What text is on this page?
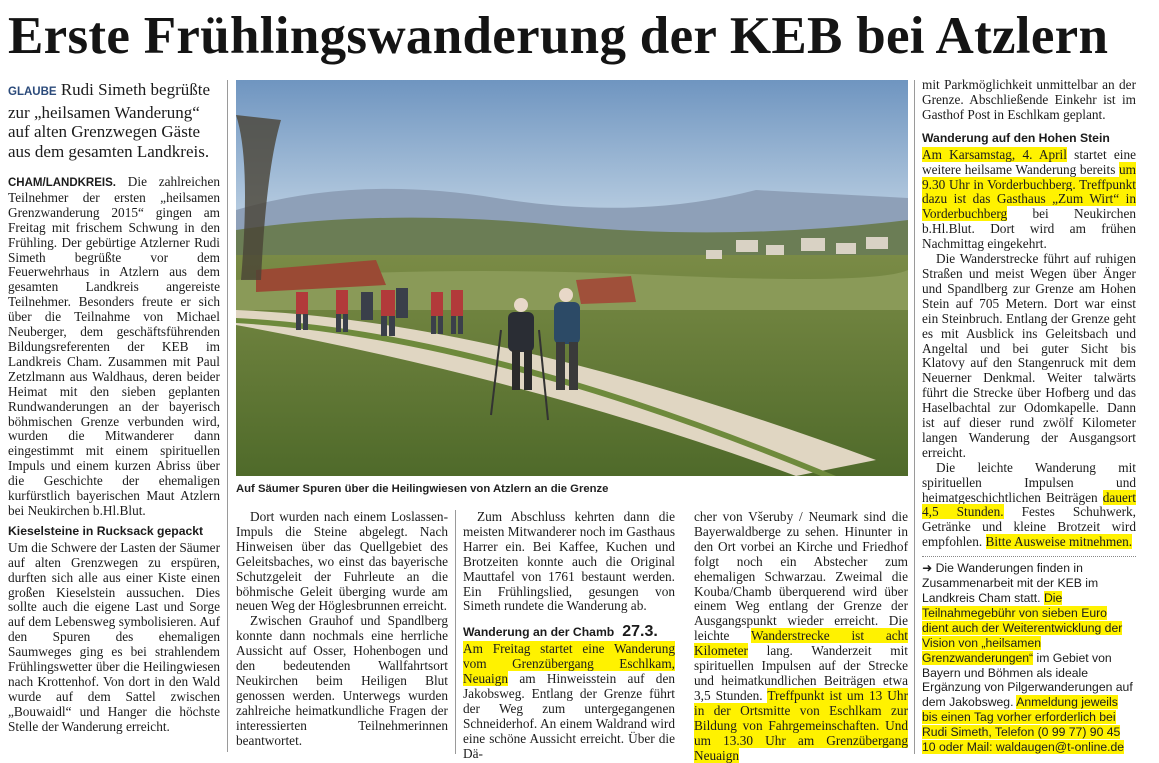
Erste Frühlingswanderung der KEB bei Atzlern

GLAUBE Rudi Simeth begrüßte zur „heilsamen Wanderung“ auf alten Grenzwegen Gäste aus dem gesamten Landkreis.

CHAM/LANDKREIS. Die zahlreichen Teilnehmer der ersten „heilsamen Grenzwanderung 2015“ gingen am Freitag mit frischem Schwung in den Frühling. Der gebürtige Atzlerner Rudi Simeth begrüßte vor dem Feuerwehrhaus in Atzlern aus dem gesamten Landkreis angereiste Teilnehmer. Besonders freute er sich über die Teilnahme von Michael Neuberger, dem geschäftsführenden Bildungsreferenten der KEB im Landkreis Cham. Zusammen mit Paul Zetzlmann aus Waldhaus, deren beider Heimat mit den sieben geplanten Rundwanderungen an der bayerisch böhmischen Grenze verbunden wird, wurden die Mitwanderer dann eingestimmt mit einem spirituellen Impuls und einem kurzen Abriss über die Geschichte der ehemaligen kurfürstlich bayerischen Maut Atzlern bei Neukirchen b.Hl.Blut.

Kieselsteine in Rucksack gepackt

Um die Schwere der Lasten der Säumer auf alten Grenzwegen zu erspüren, durften sich alle aus einer Kiste einen großen Kieselstein aussuchen. Dies sollte auch die eigene Last und Sorge auf dem Lebensweg symbolisieren. Auf den Spuren des ehemaligen Saumweges ging es bei strahlendem Frühlingswetter über die Heilingwiesen nach Krottenhof. Von dort in den Wald wurde auf dem Sattel zwischen „Bouwaidl“ und Hanger die höchste Stelle der Wanderung erreicht.

Auf Säumer Spuren über die Heilingwiesen von Atzlern an die Grenze

Dort wurden nach einem Loslassen-Impuls die Steine abgelegt. Nach Hinweisen über das Quellgebiet des Geleitsbaches, wo einst das bayerische Schutzgeleit der Fuhrleute an die böhmische Geleit überging wurde am neuen Weg der Höglesbrunnen erreicht.

Zwischen Grauhof und Spandlberg konnte dann nochmals eine herrliche Aussicht auf Osser, Hohenbogen und den bedeutenden Wallfahrtsort Neukirchen beim Heiligen Blut genossen werden. Unterwegs wurden zahlreiche heimatkundliche Fragen der interessierten Teilnehmerinnen beantwortet.

Zum Abschluss kehrten dann die meisten Mitwanderer noch im Gasthaus Harrer ein. Bei Kaffee, Kuchen und Brotzeiten konnte auch die Original Mauttafel von 1761 bestaunt werden. Ein Frühlingslied, gesungen von Simeth rundete die Wanderung ab.

Wanderung an der Chamb 27.3.

Am Freitag startet eine Wanderung vom Grenzübergang Eschlkam, Neuaign am Hinweisstein auf den Jakobsweg. Entlang der Grenze führt der Weg zum untergegangenen Schneiderhof. An einem Waldrand wird eine schöne Aussicht erreicht. Über die Dä-

cher von Všeruby / Neumark sind die Bayerwaldberge zu sehen. Hinunter in den Ort vorbei an Kirche und Friedhof folgt noch ein Abstecher zum ehemaligen Schwarzau. Zweimal die Kouba/Chamb überquerend wird über einem Weg entlang der Grenze der Ausgangspunkt wieder erreicht. Die leichte Wanderstrecke ist acht Kilometer lang. Wanderzeit mit spirituellen Impulsen auf der Strecke und heimatkundlichen Beiträgen etwa 3,5 Stunden. Treffpunkt ist um 13 Uhr in der Ortsmitte von Eschlkam zur Bildung von Fahrgemeinschaften. Und um 13.30 Uhr am Grenzübergang Neuaign

mit Parkmöglichkeit unmittelbar an der Grenze. Abschließende Einkehr ist im Gasthof Post in Eschlkam geplant.

Wanderung auf den Hohen Stein

Am Karsamstag, 4. April startet eine weitere heilsame Wanderung bereits um 9.30 Uhr in Vorderbuchberg. Treffpunkt dazu ist das Gasthaus „Zum Wirt“ in Vorderbuchberg bei Neukirchen b.Hl.Blut. Dort wird am frühen Nachmittag eingekehrt.

Die Wanderstrecke führt auf ruhigen Straßen und meist Wegen über Änger und Spandlberg zur Grenze am Hohen Stein auf 705 Metern. Dort war einst ein Steinbruch. Entlang der Grenze geht es mit Ausblick ins Geleitsbach und Angeltal und bei guter Sicht bis Klatovy auf den Stangenruck mit dem Neuerner Denkmal. Weiter talwärts führt die Strecke über Hofberg und das Haselbachtal zur Odomkapelle. Dann ist auf dieser rund zwölf Kilometer langen Wanderung der Ausgangsort erreicht.

Die leichte Wanderung mit spirituellen Impulsen und heimatgeschichtlichen Beiträgen dauert 4,5 Stunden. Festes Schuhwerk, Getränke und kleine Brotzeit wird empfohlen. Bitte Ausweise mitnehmen.

➜ Die Wanderungen finden in Zusammenarbeit mit der KEB im Landkreis Cham statt. Die Teilnahmegebühr von sieben Euro dient auch der Weiterentwicklung der Vision von „heilsamen Grenzwanderungen“ im Gebiet von Bayern und Böhmen als ideale Ergänzung von Pilgerwanderungen auf dem Jakobsweg. Anmeldung jeweils bis einen Tag vorher erforderlich bei Rudi Simeth, Telefon (0 99 77) 90 45 10 oder Mail: waldaugen@t-online.de
